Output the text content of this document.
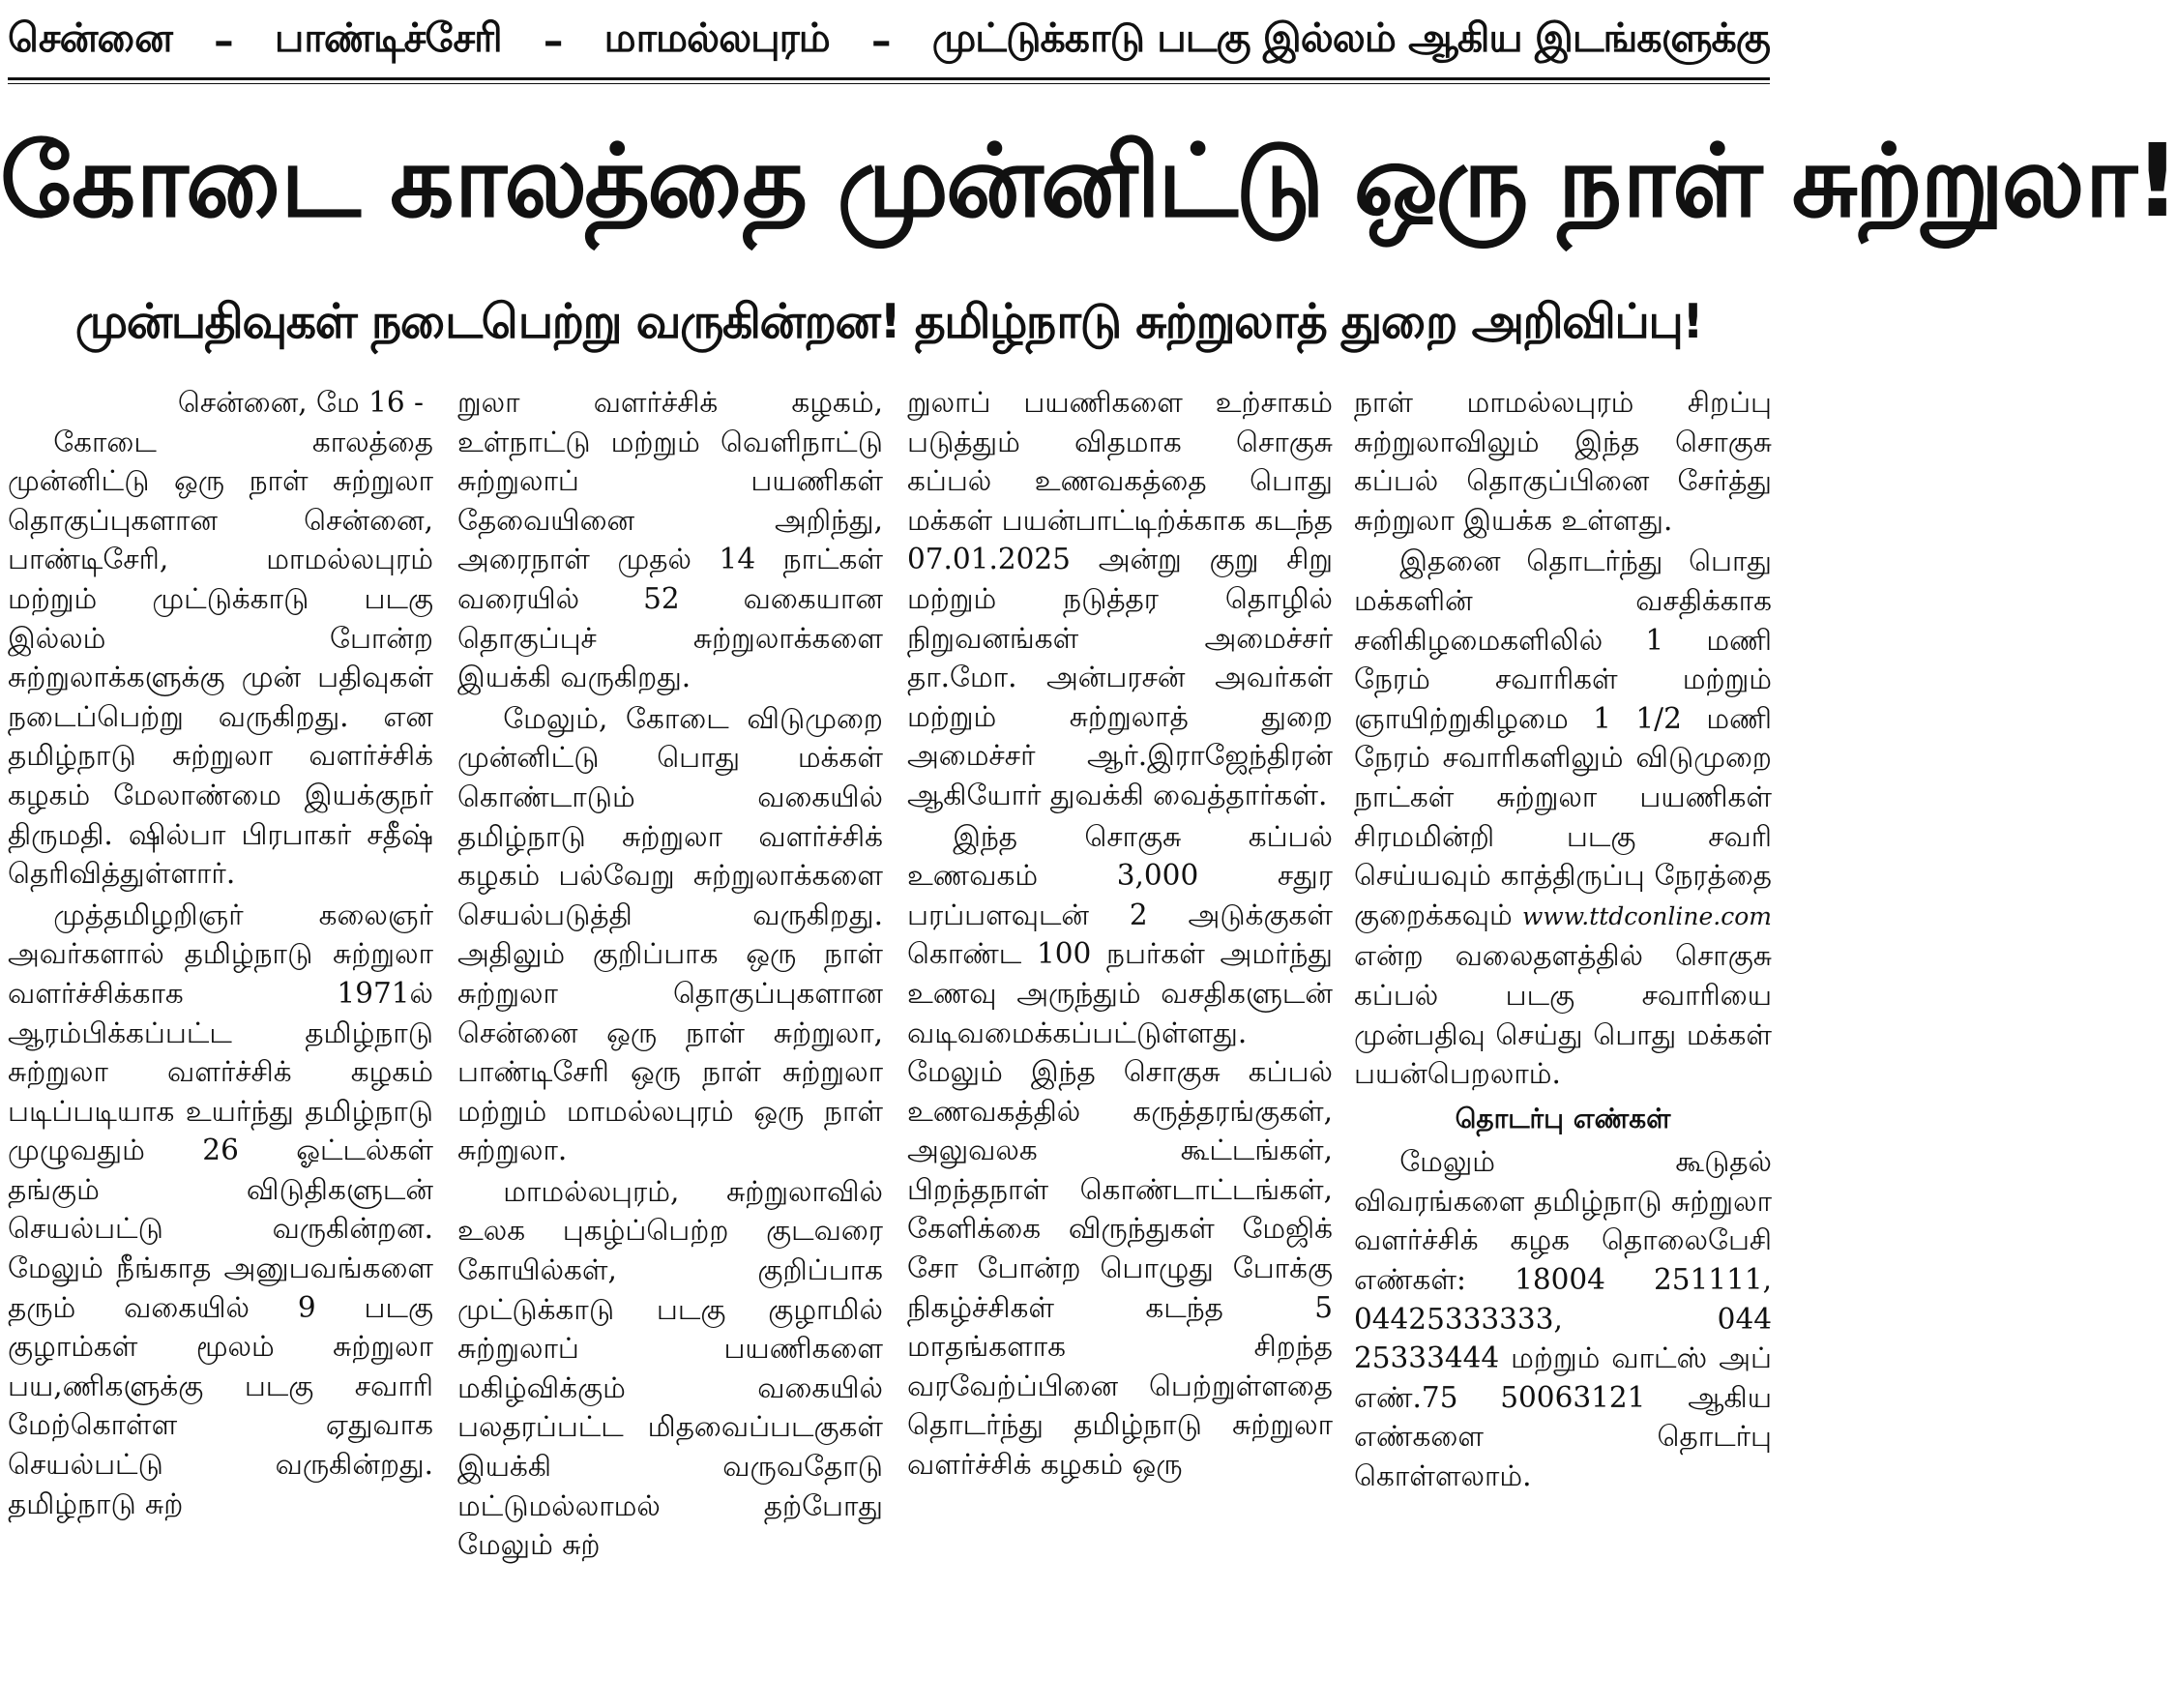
சென்னை – பாண்டிச்சேரி – மாமல்லபுரம் – முட்டுக்காடு படகு இல்லம் ஆகிய இடங்களுக்கு
கோடை காலத்தை முன்னிட்டு ஒரு நாள் சுற்றுலா!
முன்பதிவுகள் நடைபெற்று வருகின்றன! தமிழ்நாடு சுற்றுலாத் துறை அறிவிப்பு!
சென்னை, மே 16 -

கோடை காலத்தை முன்னிட்டு ஒரு நாள் சுற்றுலா தொகுப்புகளான சென்னை, பாண்டிசேரி, மாமல்லபுரம் மற்றும் முட்டுக்காடு படகு இல்லம் போன்ற சுற்றுலாக்களுக்கு முன் பதிவுகள் நடைப்பெற்று வருகிறது. என தமிழ்நாடு சுற்றுலா வளர்ச்சிக் கழகம் மேலாண்மை இயக்குநர் திருமதி. ஷில்பா பிரபாகர் சதீஷ் தெரிவித்துள்ளார்.

முத்தமிழறிஞர் கலைஞர் அவர்களால் தமிழ்நாடு சுற்றுலா வளர்ச்சிக்காக 1971ல் ஆரம்பிக்கப்பட்ட தமிழ்நாடு சுற்றுலா வளர்ச்சிக் கழகம் படிப்படியாக உயர்ந்து தமிழ்நாடு முழுவதும் 26 ஓட்டல்கள் தங்கும் விடுதிகளுடன் செயல்பட்டு வருகின்றன. மேலும் நீங்காத அனுபவங்களை தரும் வகையில் 9 படகு குழாம்கள் மூலம் சுற்றுலா பய,ணிகளுக்கு படகு சவாரி மேற்கொள்ள ஏதுவாக செயல்பட்டு வருகின்றது. தமிழ்நாடு சுற்

றுலா வளர்ச்சிக் கழகம், உள்நாட்டு மற்றும் வெளிநாட்டு சுற்றுலாப் பயணிகள் தேவையினை அறிந்து, அரைநாள் முதல் 14 நாட்கள் வரையில் 52 வகையான தொகுப்புச் சுற்றுலாக்களை இயக்கி வருகிறது.

மேலும், கோடை விடுமுறை முன்னிட்டு பொது மக்கள் கொண்டாடும் வகையில் தமிழ்நாடு சுற்றுலா வளர்ச்சிக் கழகம் பல்வேறு சுற்றுலாக்களை செயல்படுத்தி வருகிறது. அதிலும் குறிப்பாக ஒரு நாள் சுற்றுலா தொகுப்புகளான சென்னை ஒரு நாள் சுற்றுலா, பாண்டிசேரி ஒரு நாள் சுற்றுலா மற்றும் மாமல்லபுரம் ஒரு நாள் சுற்றுலா.

மாமல்லபுரம், சுற்றுலாவில் உலக புகழ்ப்பெற்ற குடவரை கோயில்கள், குறிப்பாக முட்டுக்காடு படகு குழாமில் சுற்றுலாப் பயணிகளை மகிழ்விக்கும் வகையில் பலதரப்பட்ட மிதவைப்படகுகள் இயக்கி வருவதோடு மட்டுமல்லாமல் தற்போது மேலும் சுற்

றுலாப் பயணிகளை உற்சாகம் படுத்தும் விதமாக சொகுசு கப்பல் உணவகத்தை பொது மக்கள் பயன்பாட்டிற்க்காக கடந்த 07.01.2025 அன்று குறு சிறு மற்றும் நடுத்தர தொழில் நிறுவனங்கள் அமைச்சர் தா.மோ. அன்பரசன் அவர்கள் மற்றும் சுற்றுலாத் துறை அமைச்சர் ஆர்.இராஜேந்திரன் ஆகியோர் துவக்கி வைத்தார்கள்.

இந்த சொகுசு கப்பல் உணவகம் 3,000 சதுர பரப்பளவுடன் 2 அடுக்குகள் கொண்ட 100 நபர்கள் அமர்ந்து உணவு அருந்தும் வசதிகளுடன் வடிவமைக்கப்பட்டுள்ளது. மேலும் இந்த சொகுசு கப்பல் உணவகத்தில் கருத்தரங்குகள், அலுவலக கூட்டங்கள், பிறந்தநாள் கொண்டாட்டங்கள், கேளிக்கை விருந்துகள் மேஜிக் சோ போன்ற பொழுது போக்கு நிகழ்ச்சிகள் கடந்த 5 மாதங்களாக சிறந்த வரவேற்ப்பினை பெற்றுள்ளதை தொடர்ந்து தமிழ்நாடு சுற்றுலா வளர்ச்சிக் கழகம் ஒரு

நாள் மாமல்லபுரம் சிறப்பு சுற்றுலாவிலும் இந்த சொகுசு கப்பல் தொகுப்பினை சேர்த்து சுற்றுலா இயக்க உள்ளது.

இதனை தொடர்ந்து பொது மக்களின் வசதிக்காக சனிகிழமைகளிலில் 1 மணி நேரம் சவாரிகள் மற்றும் ஞாயிற்றுகிழமை 1 1/2 மணி நேரம் சவாரிகளிலும் விடுமுறை நாட்கள் சுற்றுலா பயணிகள் சிரமமின்றி படகு சவரி செய்யவும் காத்திருப்பு நேரத்தை குறைக்கவும் www.ttdconline.com என்ற வலைதளத்தில் சொகுசு கப்பல் படகு சவாரியை முன்பதிவு செய்து பொது மக்கள் பயன்பெறலாம்.

தொடர்பு எண்கள்

மேலும் கூடுதல் விவரங்களை தமிழ்நாடு சுற்றுலா வளர்ச்சிக் கழக தொலைபேசி எண்கள்: 18004 251111, 04425333333, 044 25333444 மற்றும் வாட்ஸ் அப் எண்.75 50063121 ஆகிய எண்களை தொடர்பு கொள்ளலாம்.
